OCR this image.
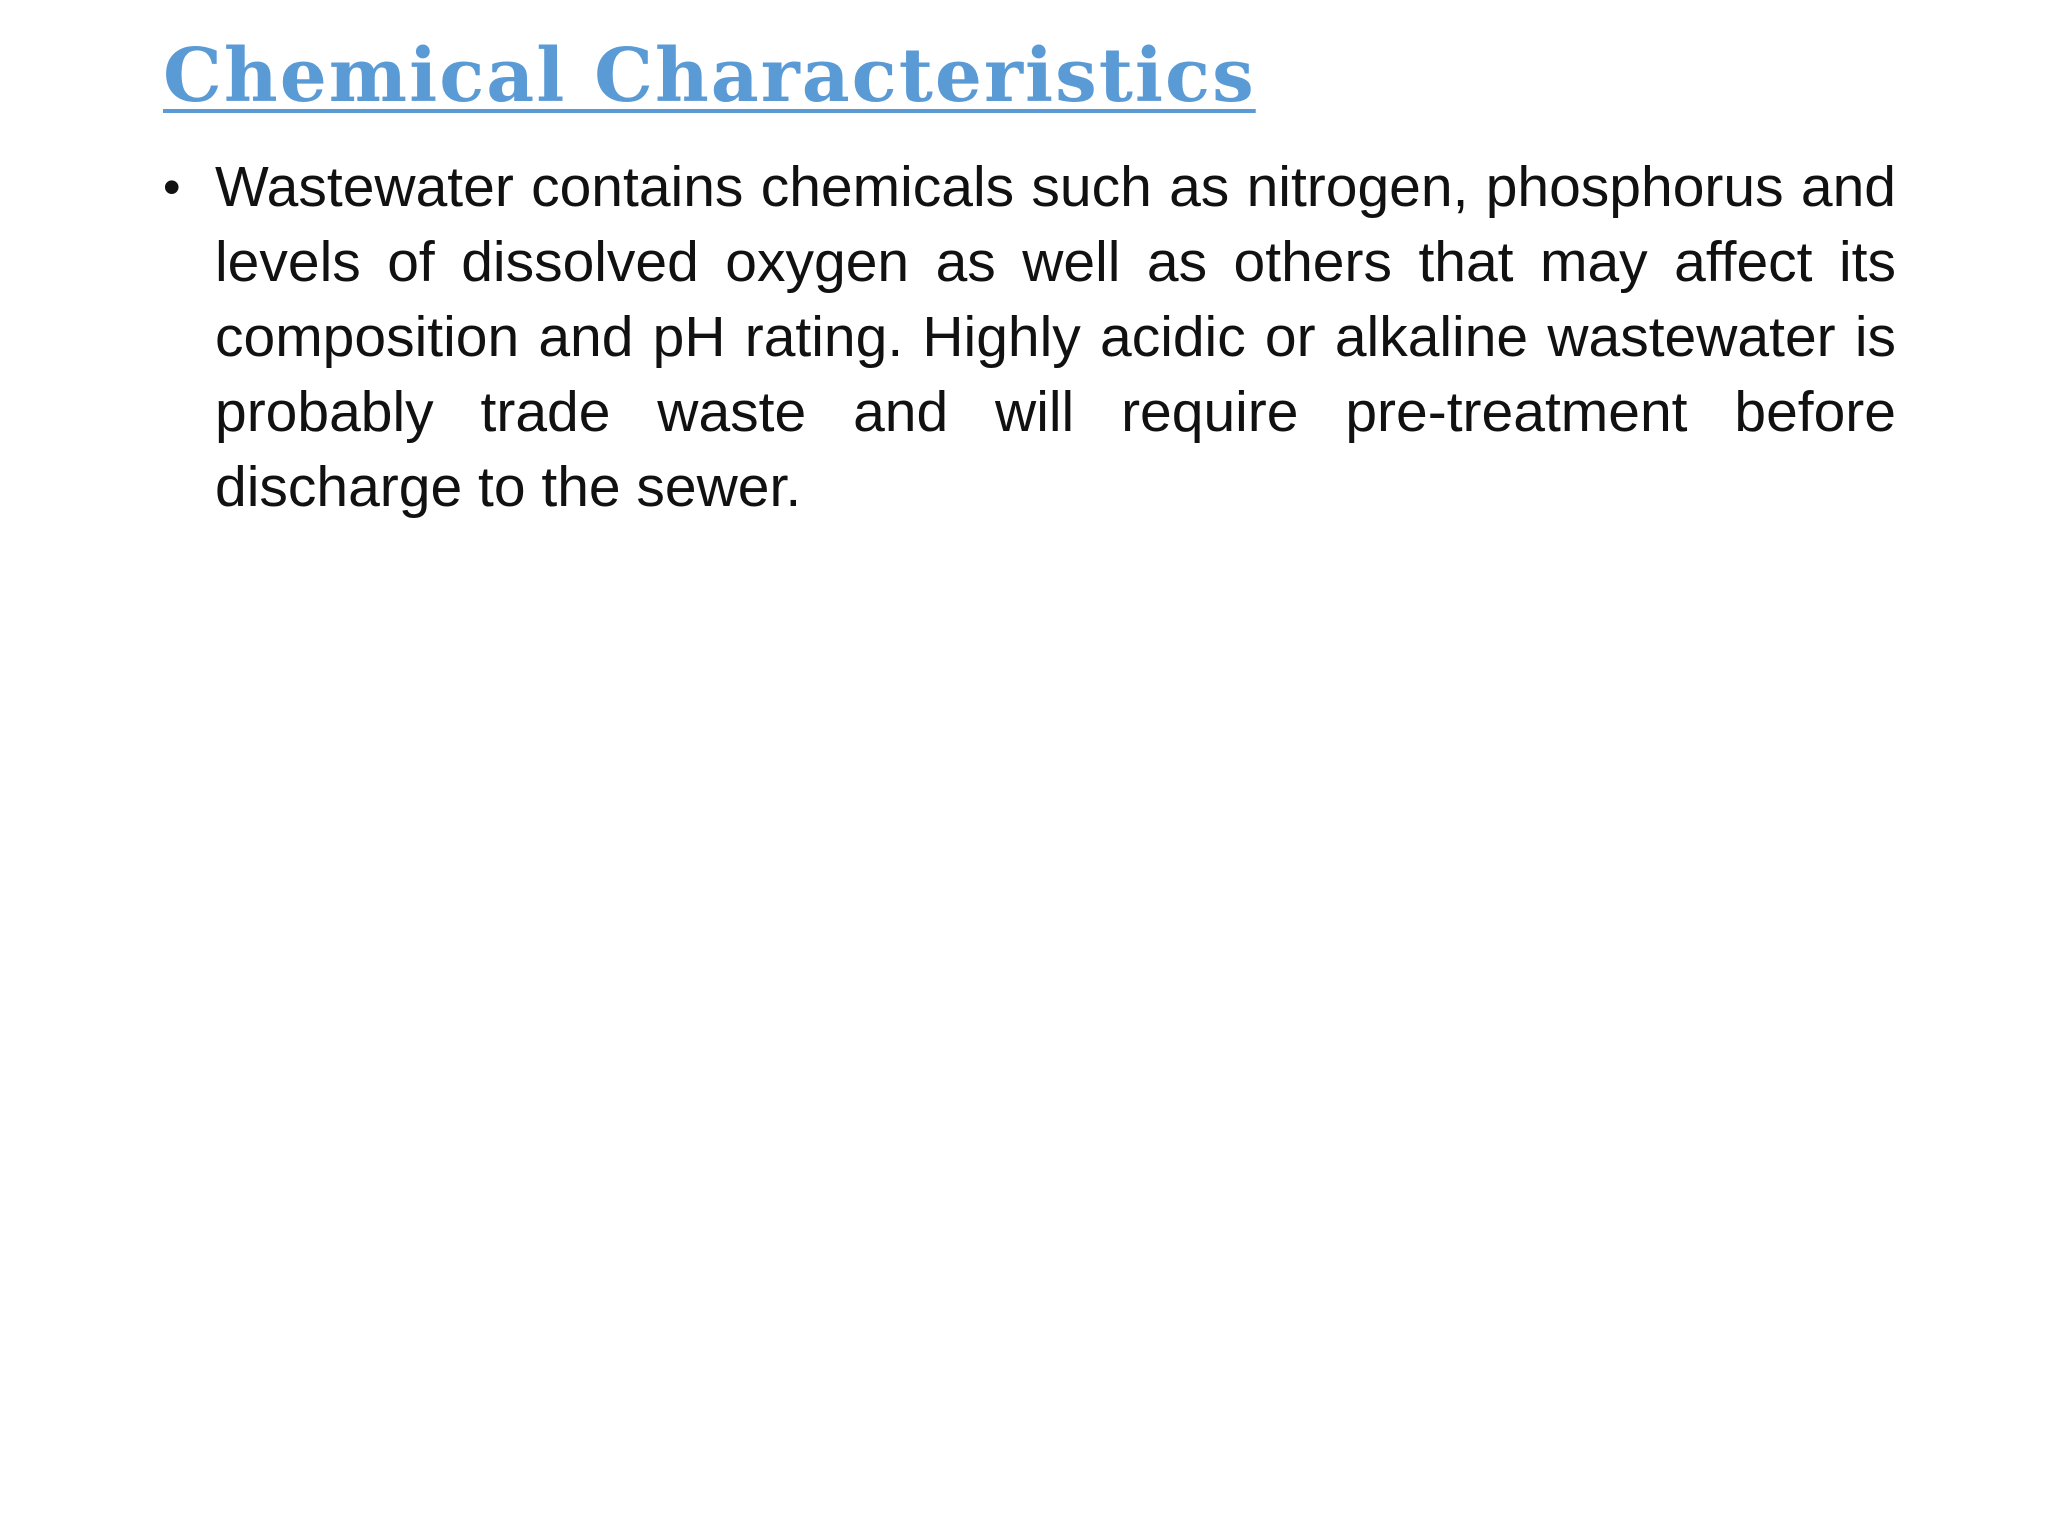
Chemical Characteristics
• Wastewater contains chemicals such as nitrogen, phosphorus and levels of dissolved oxygen as well as others that may affect its composition and pH rating. Highly acidic or alkaline wastewater is probably trade waste and will require pre-treatment before discharge to the sewer.
